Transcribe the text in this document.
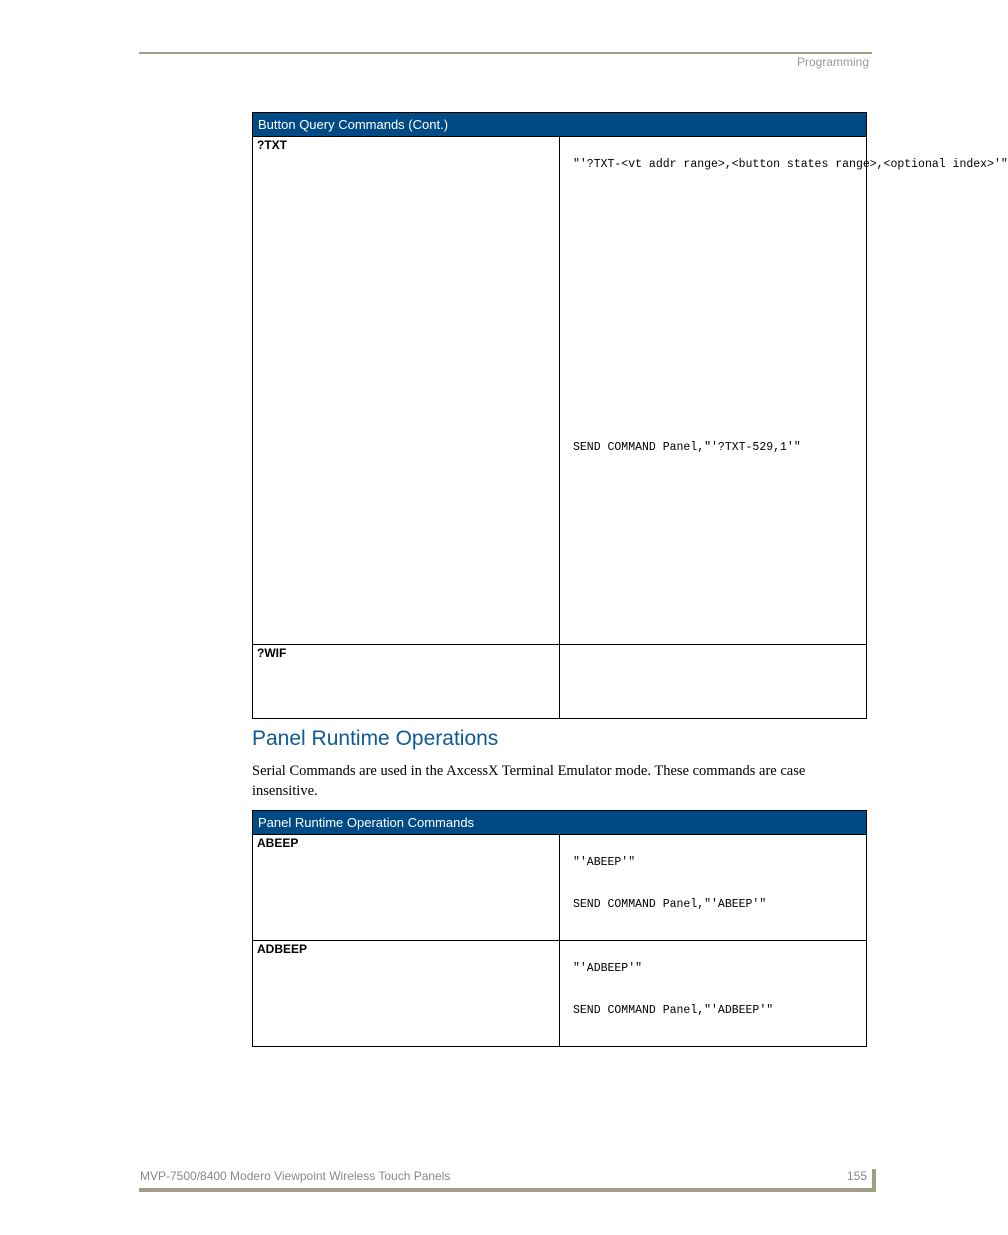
Programming
Button Query Commands (Cont.)	
?TXT	"'?TXT-<vt addr range>,<button states range>,<optional index>'"
SEND COMMAND Panel,"'?TXT-529,1'"

?WIF	
Panel Runtime Operations

Serial Commands are used in the AxcessX Terminal Emulator mode. These commands are case insensitive.

Panel Runtime Operation Commands	
ABEEP	"'ABEEP'"
SEND COMMAND Panel,"'ABEEP'"

ADBEEP	"'ADBEEP'"
SEND COMMAND Panel,"'ADBEEP'"
MVP-7500/8400 Modero Viewpoint Wireless Touch Panels	155
